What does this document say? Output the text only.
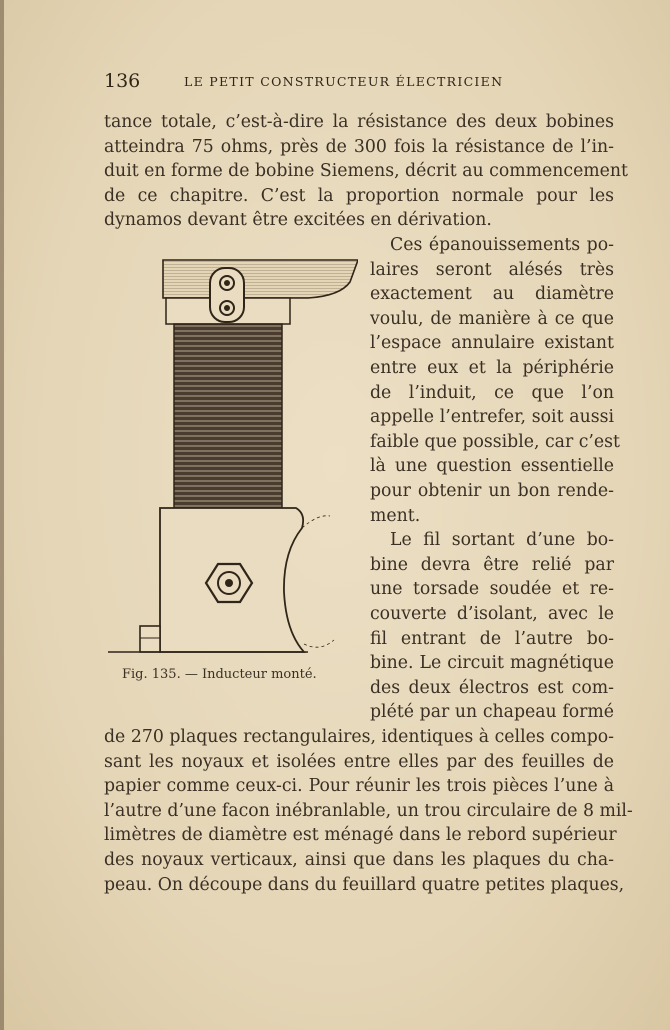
136	LE PETIT CONSTRUCTEUR ÉLECTRICIEN
tance totale, c’est-à-dire la résistance des deux bobines
atteindra 75 ohms, près de 300 fois la résistance de l’in-
duit en forme de bobine Siemens, décrit au commencement
de ce chapitre. C’est la proportion normale pour les
dynamos devant être excitées en dérivation.
Fig. 135. — Inducteur monté.
Ces épanouissements po-
laires seront alésés très
exactement au diamètre
voulu, de manière à ce que
l’espace annulaire existant
entre eux et la périphérie
de l’induit, ce que l’on
appelle l’entrefer, soit aussi
faible que possible, car c’est
là une question essentielle
pour obtenir un bon rende-
ment.
Le fil sortant d’une bo-
bine devra être relié par
une torsade soudée et re-
couverte d’isolant, avec le
fil entrant de l’autre bo-
bine. Le circuit magnétique
des deux électros est com-
plété par un chapeau formé
de 270 plaques rectangulaires, identiques à celles compo-
sant les noyaux et isolées entre elles par des feuilles de
papier comme ceux-ci. Pour réunir les trois pièces l’une à
l’autre d’une facon inébranlable, un trou circulaire de 8 mil-
limètres de diamètre est ménagé dans le rebord supérieur
des noyaux verticaux, ainsi que dans les plaques du cha-
peau. On découpe dans du feuillard quatre petites plaques,
